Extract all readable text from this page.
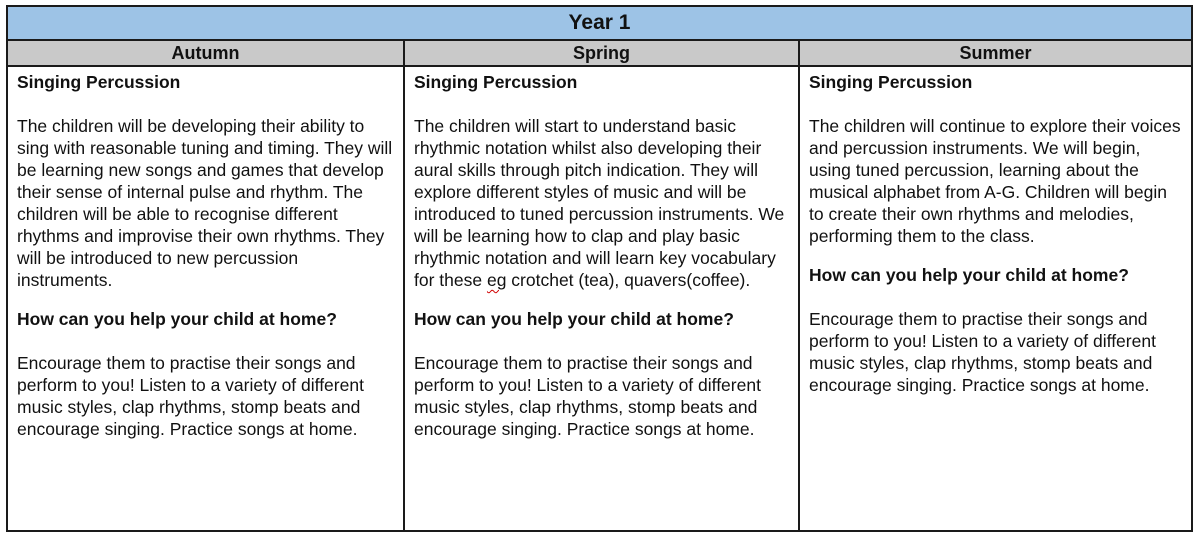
Year 1
Autumn	Spring	Summer

Singing Percussion

The children will be developing their ability to sing with reasonable tuning and timing. They will be learning new songs and games that develop their sense of internal pulse and rhythm. The children will be able to recognise different rhythms and improvise their own rhythms. They will be introduced to new percussion instruments.

How can you help your child at home?

Encourage them to practise their songs and perform to you! Listen to a variety of different music styles, clap rhythms, stomp beats and encourage singing. Practice songs at home.

Singing Percussion

The children will start to understand basic rhythmic notation whilst also developing their aural skills through pitch indication. They will explore different styles of music and will be introduced to tuned percussion instruments. We will be learning how to clap and play basic rhythmic notation and will learn key vocabulary for these eg crotchet (tea), quavers(coffee).

How can you help your child at home?

Encourage them to practise their songs and perform to you! Listen to a variety of different music styles, clap rhythms, stomp beats and encourage singing. Practice songs at home.

Singing Percussion

The children will continue to explore their voices and percussion instruments. We will begin, using tuned percussion, learning about the musical alphabet from A-G. Children will begin to create their own rhythms and melodies, performing them to the class.

How can you help your child at home?

Encourage them to practise their songs and perform to you! Listen to a variety of different music styles, clap rhythms, stomp beats and encourage singing. Practice songs at home.
